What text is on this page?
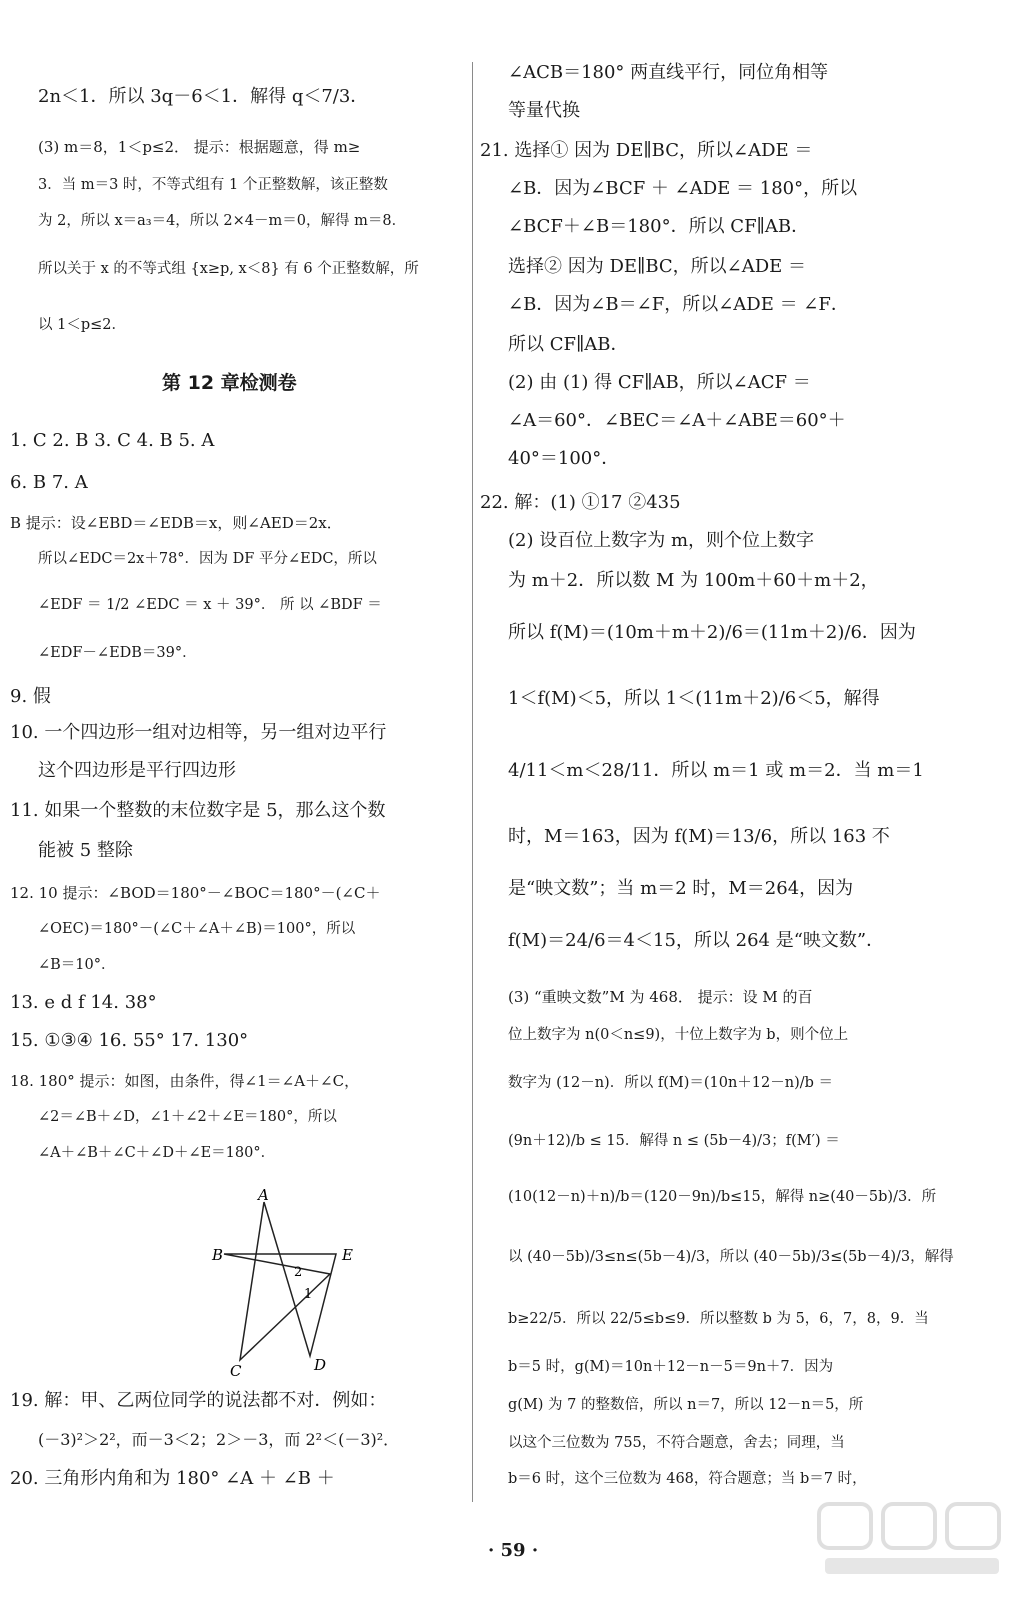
2n＜1．所以 3q－6＜1．解得 q＜7/3．
(3) m＝8，1＜p≤2． 提示：根据题意，得 m≥
3．当 m＝3 时，不等式组有 1 个正整数解，该正整数
为 2，所以 x＝a₃＝4，所以 2×4－m＝0，解得 m＝8．
所以关于 x 的不等式组 {x≥p, x＜8} 有 6 个正整数解，所
以 1＜p≤2．
第 12 章检测卷
1. C 2. B 3. C 4. B 5. A
6. B 7. A
B 提示：设∠EBD＝∠EDB＝x，则∠AED＝2x．
所以∠EDC＝2x＋78°．因为 DF 平分∠EDC，所以
∠EDF ＝ 1/2 ∠EDC ＝ x ＋ 39°． 所 以 ∠BDF ＝
∠EDF－∠EDB＝39°．
9. 假
10. 一个四边形一组对边相等，另一组对边平行
这个四边形是平行四边形
11. 如果一个整数的末位数字是 5，那么这个数
能被 5 整除
12. 10 提示：∠BOD＝180°－∠BOC＝180°－(∠C＋
∠OEC)＝180°－(∠C＋∠A＋∠B)＝100°，所以
∠B＝10°．
13. e d f 14. 38°
15. ①③④ 16. 55° 17. 130°
18. 180° 提示：如图，由条件，得∠1＝∠A＋∠C，
∠2＝∠B＋∠D，∠1＋∠2＋∠E＝180°，所以
∠A＋∠B＋∠C＋∠D＋∠E＝180°．
A
B	E
C	D
2
1
19. 解：甲、乙两位同学的说法都不对．例如：
(－3)²＞2²，而－3＜2；2＞－3，而 2²＜(－3)²．
20. 三角形内角和为 180° ∠A ＋ ∠B ＋
∠ACB＝180° 两直线平行，同位角相等
等量代换
21. 选择① 因为 DE∥BC，所以∠ADE ＝
∠B．因为∠BCF ＋ ∠ADE ＝ 180°，所以
∠BCF＋∠B＝180°．所以 CF∥AB．
选择② 因为 DE∥BC，所以∠ADE ＝
∠B．因为∠B＝∠F，所以∠ADE ＝ ∠F．
所以 CF∥AB．
(2) 由 (1) 得 CF∥AB，所以∠ACF ＝
∠A＝60°．∠BEC＝∠A＋∠ABE＝60°＋
40°＝100°．
22. 解：(1) ①17 ②435
(2) 设百位上数字为 m，则个位上数字
为 m＋2．所以数 M 为 100m＋60＋m＋2，
所以 f(M)＝(10m＋m＋2)/6＝(11m＋2)/6．因为
1＜f(M)＜5，所以 1＜(11m＋2)/6＜5，解得
4/11＜m＜28/11．所以 m＝1 或 m＝2．当 m＝1
时，M＝163，因为 f(M)＝13/6，所以 163 不
是“映文数”；当 m＝2 时，M＝264，因为
f(M)＝24/6＝4＜15，所以 264 是“映文数”．
(3) “重映文数”M 为 468． 提示：设 M 的百
位上数字为 n(0＜n≤9)，十位上数字为 b，则个位上
数字为 (12－n)．所以 f(M)＝(10n＋12－n)/b ＝
(9n＋12)/b ≤ 15．解得 n ≤ (5b－4)/3；f(M′) ＝
(10(12－n)＋n)/b＝(120－9n)/b≤15，解得 n≥(40－5b)/3．所
以 (40－5b)/3≤n≤(5b－4)/3，所以 (40－5b)/3≤(5b－4)/3，解得
b≥22/5．所以 22/5≤b≤9．所以整数 b 为 5，6，7，8，9．当
b＝5 时，g(M)＝10n＋12－n－5＝9n＋7．因为
g(M) 为 7 的整数倍，所以 n＝7，所以 12－n＝5，所
以这个三位数为 755，不符合题意，舍去；同理，当
b＝6 时，这个三位数为 468，符合题意；当 b＝7 时，
· 59 ·
